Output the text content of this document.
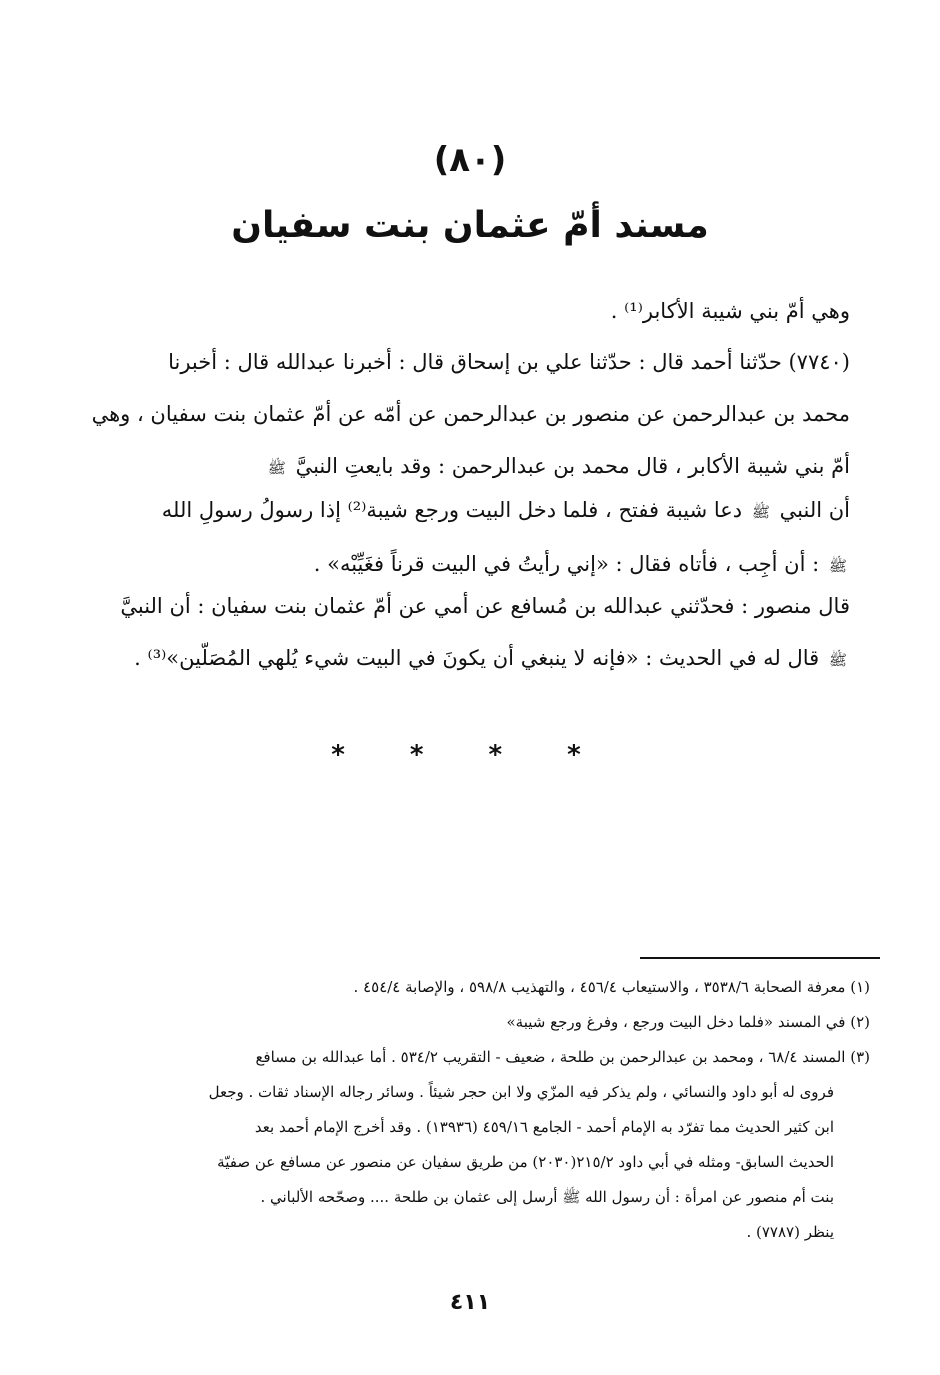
(٨٠)
مسند أمّ عثمان بنت سفيان

وهي أمّ بني شيبة الأكابر⁽¹⁾ .

(٧٧٤٠) حدّثنا أحمد قال : حدّثنا علي بن إسحاق قال : أخبرنا عبدالله قال : أخبرنا
محمد بن عبدالرحمن عن منصور بن عبدالرحمن عن أمّه عن أمّ عثمان بنت سفيان ، وهي
أمّ بني شيبة الأكابر ، قال محمد بن عبدالرحمن : وقد بايعتِ النبيَّ ﷺ
أن النبي ﷺ دعا شيبة ففتح ، فلما دخل البيت ورجع شيبة⁽²⁾ إذا رسولُ رسولِ الله
ﷺ : أن أجِب ، فأتاه فقال : «إني رأيتُ في البيت قرناً فغَيِّبْه» .
قال منصور : فحدّثني عبدالله بن مُسافع عن أمي عن أمّ عثمان بنت سفيان : أن النبيَّ
ﷺ قال له في الحديث : «فإنه لا ينبغي أن يكونَ في البيت شيء يُلهي المُصَلّين»⁽³⁾ .
* * * *
(١) معرفة الصحابة ٣٥٣٨/٦ ، والاستيعاب ٤٥٦/٤ ، والتهذيب ٥٩٨/٨ ، والإصابة ٤٥٤/٤ .
(٢) في المسند «فلما دخل البيت ورجع ، وفرغ ورجع شيبة»
(٣) المسند ٦٨/٤ ، ومحمد بن عبدالرحمن بن طلحة ، ضعيف - التقريب ٥٣٤/٢ . أما عبدالله بن مسافع
فروى له أبو داود والنسائي ، ولم يذكر فيه المزّي ولا ابن حجر شيئاً . وسائر رجاله الإسناد ثقات . وجعل
ابن كثير الحديث مما تفرّد به الإمام أحمد - الجامع ٤٥٩/١٦ (١٣٩٣٦) . وقد أخرج الإمام أحمد بعد
الحديث السابق- ومثله في أبي داود ٢١٥/٢(٢٠٣٠) من طريق سفيان عن منصور عن مسافع عن صفيّة
بنت أم منصور عن امرأة : أن رسول الله ﷺ أرسل إلى عثمان بن طلحة .... وصحّحه الألباني .
ينظر (٧٧٨٧) .
٤١١
